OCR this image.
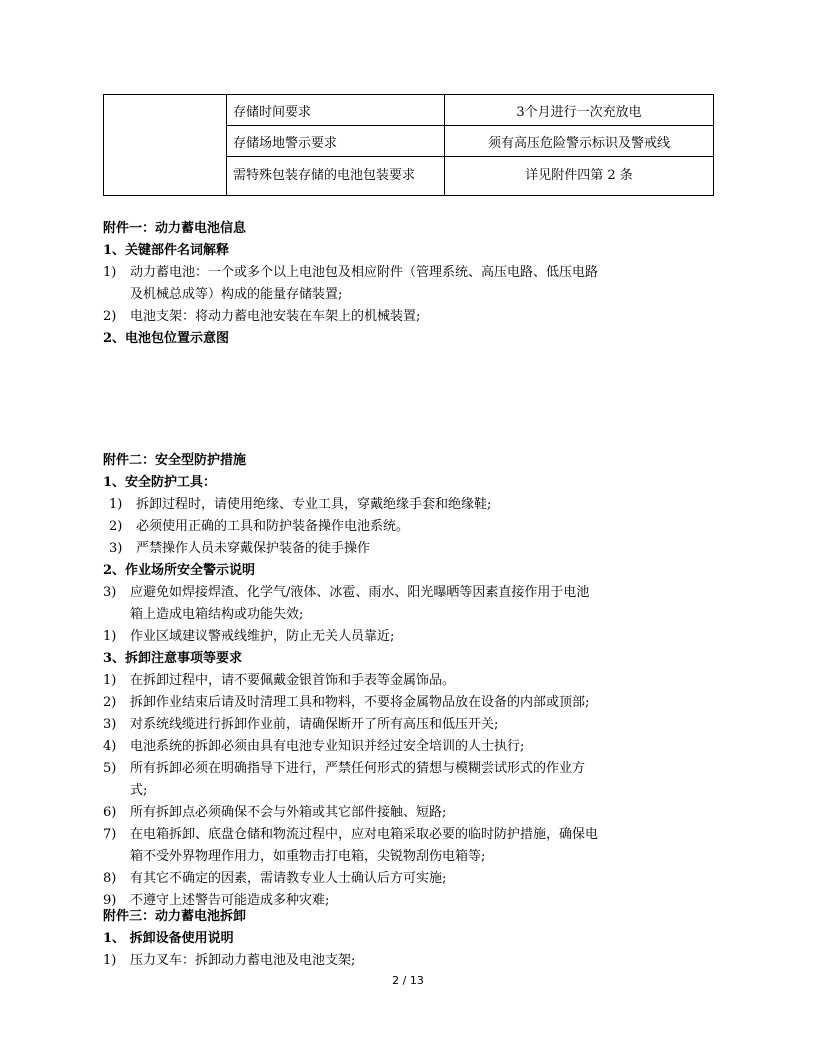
	存储时间要求	3个月进行一次充放电
	存储场地警示要求	须有高压危险警示标识及警戒线
	需特殊包装存储的电池包装要求	详见附件四第 2 条
附件一：动力蓄电池信息
1、关键部件名词解释
1) 动力蓄电池：一个或多个以上电池包及相应附件（管理系统、高压电路、低压电路
及机械总成等）构成的能量存储装置;
2) 电池支架：将动力蓄电池安装在车架上的机械装置;
2、电池包位置示意图
附件二：安全型防护措施
1、安全防护工具：
1) 拆卸过程时，请使用绝缘、专业工具，穿戴绝缘手套和绝缘鞋;
2) 必须使用正确的工具和防护装备操作电池系统。
3) 严禁操作人员未穿戴保护装备的徒手操作
2、作业场所安全警示说明
3) 应避免如焊接焊渣、化学气/液体、冰雹、雨水、阳光曝晒等因素直接作用于电池
箱上造成电箱结构或功能失效;
1) 作业区域建议警戒线维护，防止无关人员靠近;
3、拆卸注意事项等要求
1) 在拆卸过程中，请不要佩戴金银首饰和手表等金属饰品。
2) 拆卸作业结束后请及时清理工具和物料，不要将金属物品放在设备的内部或顶部;
3) 对系统线缆进行拆卸作业前，请确保断开了所有高压和低压开关;
4) 电池系统的拆卸必须由具有电池专业知识并经过安全培训的人士执行;
5) 所有拆卸必须在明确指导下进行，严禁任何形式的猜想与模糊尝试形式的作业方
式;
6) 所有拆卸点必须确保不会与外箱或其它部件接触、短路;
7) 在电箱拆卸、底盘仓储和物流过程中，应对电箱采取必要的临时防护措施，确保电
箱不受外界物理作用力，如重物击打电箱，尖锐物刮伤电箱等;
8) 有其它不确定的因素，需请教专业人士确认后方可实施;
9) 不遵守上述警告可能造成多种灾难;
附件三：动力蓄电池拆卸
1、 拆卸设备使用说明
1) 压力叉车：拆卸动力蓄电池及电池支架;
2 / 13
